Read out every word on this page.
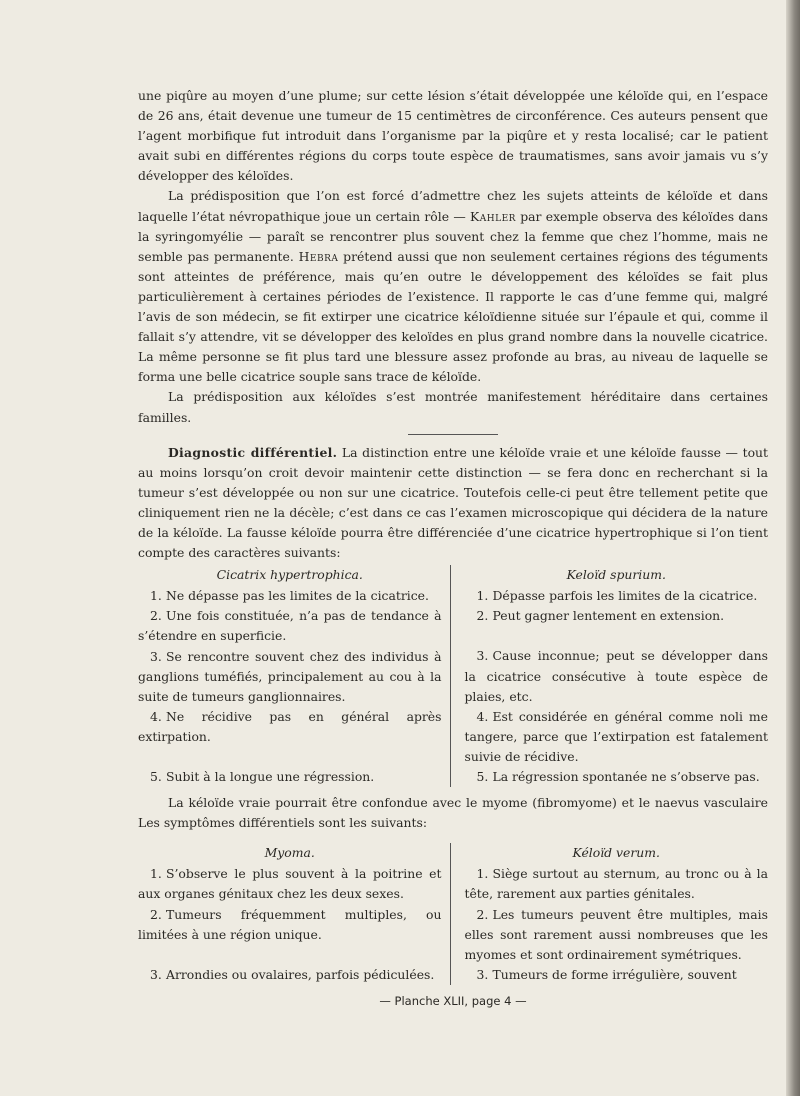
une piqûre au moyen d’une plume; sur cette lésion s’était développée une kéloïde qui, en l’espace de 26 ans, était devenue une tumeur de 15 centimètres de circonférence. Ces auteurs pensent que l’agent morbifique fut introduit dans l’organisme par la piqûre et y resta localisé; car le patient avait subi en différentes régions du corps toute espèce de traumatismes, sans avoir jamais vu s’y développer des kéloïdes.

La prédisposition que l’on est forcé d’admettre chez les sujets atteints de kéloïde et dans laquelle l’état névropathique joue un certain rôle — Kahler par exemple observa des kéloïdes dans la syringomyélie — paraît se rencontrer plus souvent chez la femme que chez l’homme, mais ne semble pas permanente. Hebra prétend aussi que non seulement certaines régions des téguments sont atteintes de préférence, mais qu’en outre le développement des kéloïdes se fait plus particulièrement à certaines périodes de l’existence. Il rapporte le cas d’une femme qui, malgré l’avis de son médecin, se fit extirper une cicatrice kéloïdienne située sur l’épaule et qui, comme il fallait s’y attendre, vit se développer des keloïdes en plus grand nombre dans la nouvelle cicatrice. La même personne se fit plus tard une blessure assez profonde au bras, au niveau de laquelle se forma une belle cicatrice souple sans trace de kéloïde.

La prédisposition aux kéloïdes s’est montrée manifestement héréditaire dans certaines familles.

Diagnostic différentiel. La distinction entre une kéloïde vraie et une kéloïde fausse — tout au moins lorsqu’on croit devoir maintenir cette distinction — se fera donc en recherchant si la tumeur s’est développée ou non sur une cicatrice. Toutefois celle-ci peut être tellement petite que cliniquement rien ne la décèle; c’est dans ce cas l’examen microscopique qui décidera de la nature de la kéloïde. La fausse kéloïde pourra être différenciée d’une cicatrice hypertrophique si l’on tient compte des caractères suivants:

Cicatrix hypertrophica.
1. Ne dépasse pas les limites de la cicatrice.
2. Une fois constituée, n’a pas de tendance à s’étendre en superficie.
3. Se rencontre souvent chez des individus à ganglions tuméfiés, principalement au cou à la suite de tumeurs ganglionnaires.
4. Ne récidive pas en général après extirpation.
5. Subit à la longue une régression.
Keloïd spurium.
1. Dépasse parfois les limites de la cicatrice.
2. Peut gagner lentement en extension.
3. Cause inconnue; peut se développer dans la cicatrice consécutive à toute espèce de plaies, etc.
4. Est considérée en général comme noli me tangere, parce que l’extirpation est fatalement suivie de récidive.
5. La régression spontanée ne s’observe pas.

La kéloïde vraie pourrait être confondue avec le myome (fibromyome) et le naevus vasculaire Les symptômes différentiels sont les suivants:

Myoma.
1. S’observe le plus souvent à la poitrine et aux organes génitaux chez les deux sexes.
2. Tumeurs fréquemment multiples, ou limitées à une région unique.
3. Arrondies ou ovalaires, parfois pédiculées.
Kéloïd verum.
1. Siège surtout au sternum, au tronc ou à la tête, rarement aux parties génitales.
2. Les tumeurs peuvent être multiples, mais elles sont rarement aussi nombreuses que les myomes et sont ordinairement symétriques.
3. Tumeurs de forme irrégulière, souvent
— Planche XLII, page 4 —
